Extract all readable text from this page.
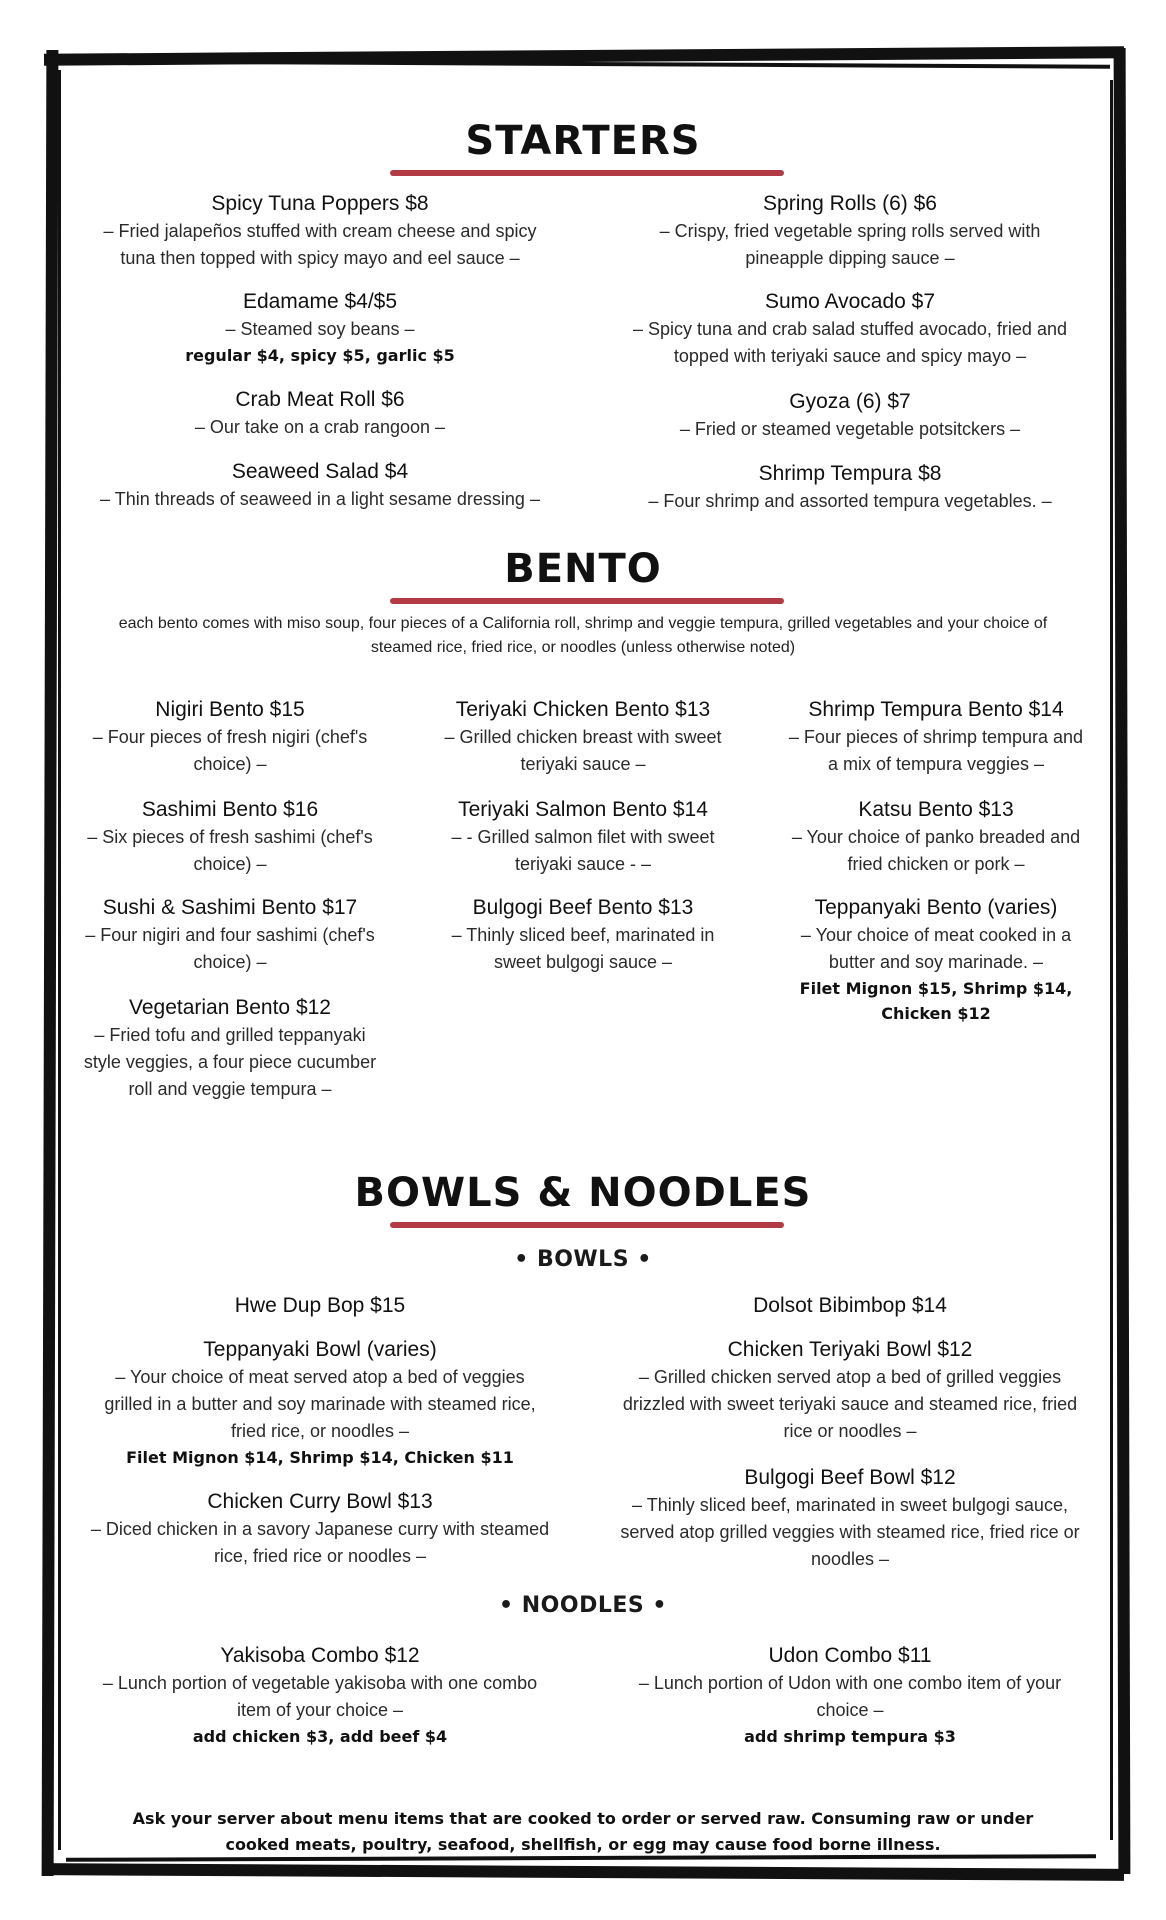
STARTERS
Spicy Tuna Poppers $8
– Fried jalapeños stuffed with cream cheese and spicy tuna then topped with spicy mayo and eel sauce –
Edamame $4/$5
– Steamed soy beans –
regular $4, spicy $5, garlic $5
Crab Meat Roll $6
– Our take on a crab rangoon –
Seaweed Salad $4
– Thin threads of seaweed in a light sesame dressing –
Spring Rolls (6) $6
– Crispy, fried vegetable spring rolls served with pineapple dipping sauce –
Sumo Avocado $7
– Spicy tuna and crab salad stuffed avocado, fried and topped with teriyaki sauce and spicy mayo –
Gyoza (6) $7
– Fried or steamed vegetable potsitckers –
Shrimp Tempura $8
– Four shrimp and assorted tempura vegetables. –
BENTO
each bento comes with miso soup, four pieces of a California roll, shrimp and veggie tempura, grilled vegetables and your choice of steamed rice, fried rice, or noodles (unless otherwise noted)
Nigiri Bento $15
– Four pieces of fresh nigiri (chef's choice) –
Sashimi Bento $16
– Six pieces of fresh sashimi (chef's choice) –
Sushi & Sashimi Bento $17
– Four nigiri and four sashimi (chef's choice) –
Vegetarian Bento $12
– Fried tofu and grilled teppanyaki style veggies, a four piece cucumber roll and veggie tempura –
Teriyaki Chicken Bento $13
– Grilled chicken breast with sweet teriyaki sauce –
Teriyaki Salmon Bento $14
– - Grilled salmon filet with sweet teriyaki sauce - –
Bulgogi Beef Bento $13
– Thinly sliced beef, marinated in sweet bulgogi sauce –
Shrimp Tempura Bento $14
– Four pieces of shrimp tempura and a mix of tempura veggies –
Katsu Bento $13
– Your choice of panko breaded and fried chicken or pork –
Teppanyaki Bento (varies)
– Your choice of meat cooked in a butter and soy marinade. –
Filet Mignon $15, Shrimp $14, Chicken $12
BOWLS & NOODLES
• BOWLS •
Hwe Dup Bop $15
Teppanyaki Bowl (varies)
– Your choice of meat served atop a bed of veggies grilled in a butter and soy marinade with steamed rice, fried rice, or noodles –
Filet Mignon $14, Shrimp $14, Chicken $11
Chicken Curry Bowl $13
– Diced chicken in a savory Japanese curry with steamed rice, fried rice or noodles –
Dolsot Bibimbop $14
Chicken Teriyaki Bowl $12
– Grilled chicken served atop a bed of grilled veggies drizzled with sweet teriyaki sauce and steamed rice, fried rice or noodles –
Bulgogi Beef Bowl $12
– Thinly sliced beef, marinated in sweet bulgogi sauce, served atop grilled veggies with steamed rice, fried rice or noodles –
• NOODLES •
Yakisoba Combo $12
– Lunch portion of vegetable yakisoba with one combo item of your choice –
add chicken $3, add beef $4
Udon Combo $11
– Lunch portion of Udon with one combo item of your choice –
add shrimp tempura $3
Ask your server about menu items that are cooked to order or served raw. Consuming raw or under cooked meats, poultry, seafood, shellfish, or egg may cause food borne illness.
